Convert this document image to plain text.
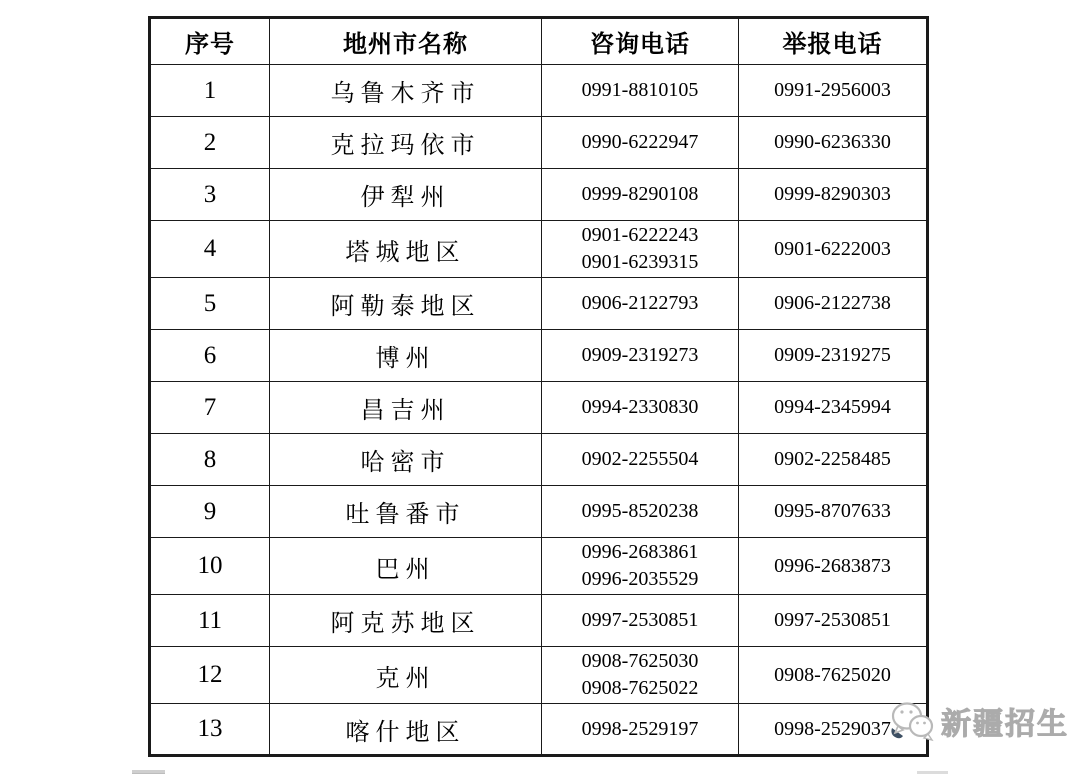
序号	地州市名称	咨询电话	举报电话
1	乌鲁木齐市	0991-8810105	0991-2956003

2	克拉玛依市	0990-6222947	0990-6236330

3	伊犁州	0999-8290108	0999-8290303

4	塔城地区	0901-6222243
0901-6239315	0901-6222003

5	阿勒泰地区	0906-2122793	0906-2122738

6	博州	0909-2319273	0909-2319275

7	昌吉州	0994-2330830	0994-2345994

8	哈密市	0902-2255504	0902-2258485

9	吐鲁番市	0995-8520238	0995-8707633

10	巴州	0996-2683861
0996-2035529	0996-2683873

11	阿克苏地区	0997-2530851	0997-2530851

12	克州	0908-7625030
0908-7625022	0908-7625020

13	喀什地区	0998-2529197	0998-2529037	新疆招生
